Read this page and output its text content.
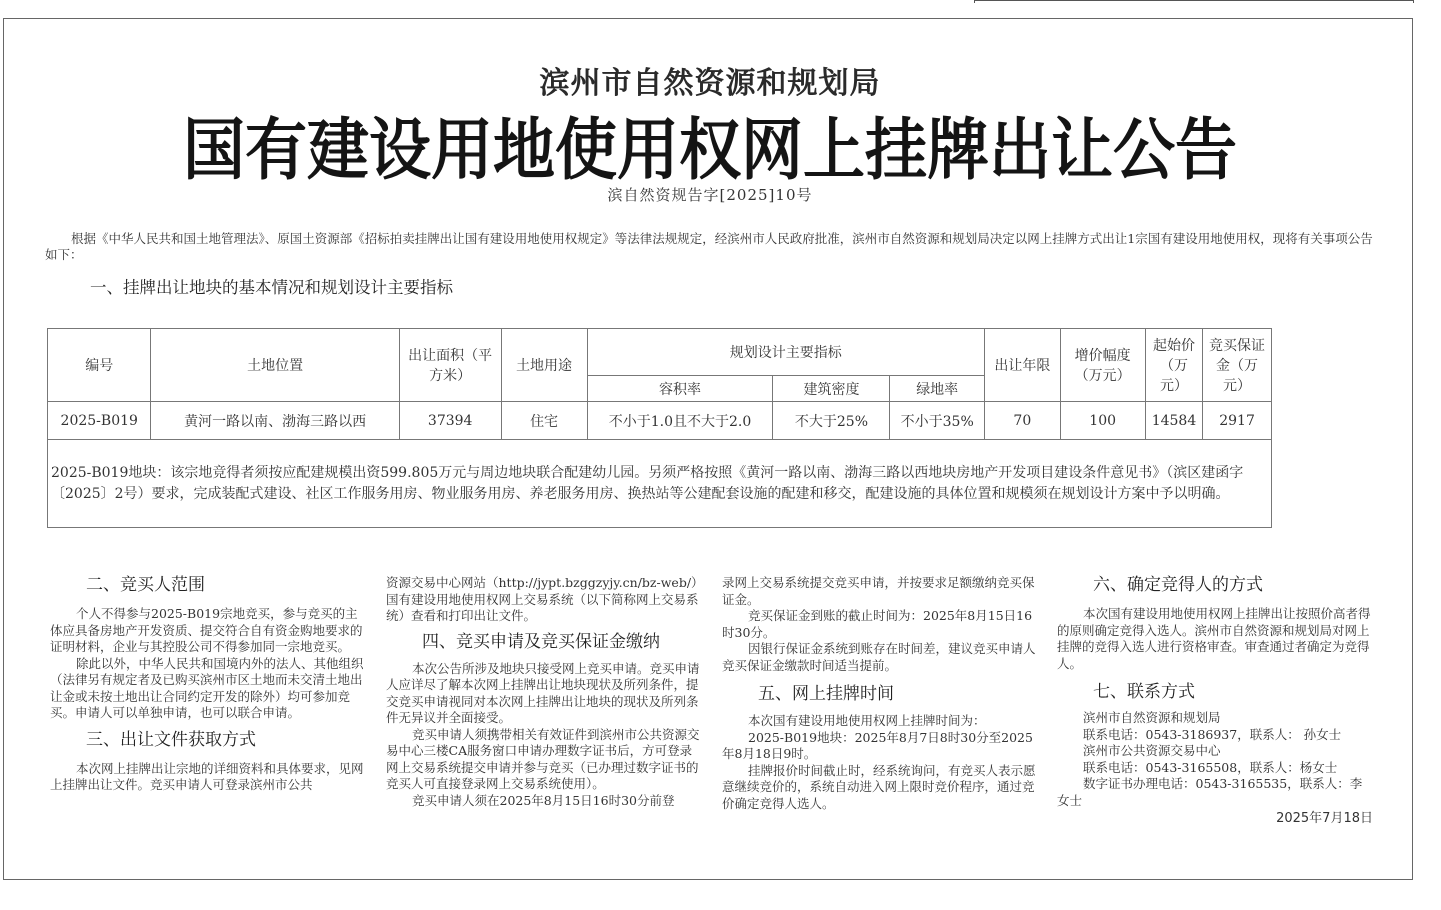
滨州市自然资源和规划局
国有建设用地使用权网上挂牌出让公告
滨自然资规告字[2025]10号
根据《中华人民共和国土地管理法》、原国土资源部《招标拍卖挂牌出让国有建设用地使用权规定》等法律法规规定，经滨州市人民政府批准，滨州市自然资源和规划局决定以网上挂牌方式出让1宗国有建设用地使用权，现将有关事项公告如下：
一、挂牌出让地块的基本情况和规划设计主要指标
编号	土地位置	出让面积（平方米）	土地用途	规划设计主要指标			出让年限	增价幅度（万元）	起始价（万元）	竞买保证金（万元）
				容积率	建筑密度	绿地率				
2025-B019	黄河一路以南、渤海三路以西	37394	住宅	不小于1.0且不大于2.0	不大于25%	不小于35%	70	100	14584	2917
2025-B019地块：该宗地竞得者须按应配建规模出资599.805万元与周边地块联合配建幼儿园。另须严格按照《黄河一路以南、渤海三路以西地块房地产开发项目建设条件意见书》（滨区建函字〔2025〕2号）要求，完成装配式建设、社区工作服务用房、物业服务用房、养老服务用房、换热站等公建配套设施的配建和移交，配建设施的具体位置和规模须在规划设计方案中予以明确。										
二、竞买人范围

个人不得参与2025-B019宗地竞买，参与竞买的主体应具备房地产开发资质、提交符合自有资金购地要求的证明材料，企业与其控股公司不得参加同一宗地竞买。

除此以外，中华人民共和国境内外的法人、其他组织（法律另有规定者及已购买滨州市区土地而未交清土地出让金或未按土地出让合同约定开发的除外）均可参加竞买。申请人可以单独申请，也可以联合申请。

三、出让文件获取方式

本次网上挂牌出让宗地的详细资料和具体要求，见网上挂牌出让文件。竞买申请人可登录滨州市公共

资源交易中心网站（http://jypt.bzggzyjy.cn/bz-web/）国有建设用地使用权网上交易系统（以下简称网上交易系统）查看和打印出让文件。

四、竞买申请及竞买保证金缴纳

本次公告所涉及地块只接受网上竞买申请。竞买申请人应详尽了解本次网上挂牌出让地块现状及所列条件，提交竞买申请视同对本次网上挂牌出让地块的现状及所列条件无异议并全面接受。

竞买申请人须携带相关有效证件到滨州市公共资源交易中心三楼CA服务窗口申请办理数字证书后，方可登录网上交易系统提交申请并参与竞买（已办理过数字证书的竞买人可直接登录网上交易系统使用）。

竞买申请人须在2025年8月15日16时30分前登

录网上交易系统提交竞买申请，并按要求足额缴纳竞买保证金。

竞买保证金到账的截止时间为：2025年8月15日16时30分。

因银行保证金系统到账存在时间差，建议竞买申请人竞买保证金缴款时间适当提前。

五、网上挂牌时间

本次国有建设用地使用权网上挂牌时间为：

2025-B019地块：2025年8月7日8时30分至2025年8月18日9时。

挂牌报价时间截止时，经系统询问，有竞买人表示愿意继续竞价的，系统自动进入网上限时竞价程序，通过竞价确定竞得人选人。

六、确定竞得人的方式

本次国有建设用地使用权网上挂牌出让按照价高者得的原则确定竞得入选人。滨州市自然资源和规划局对网上挂牌的竞得入选人进行资格审查。审查通过者确定为竞得人。

七、联系方式

滨州市自然资源和规划局

联系电话：0543-3186937，联系人： 孙女士

滨州市公共资源交易中心

联系电话：0543-3165508，联系人：杨女士

数字证书办理电话：0543-3165535，联系人：李女士

2025年7月18日
